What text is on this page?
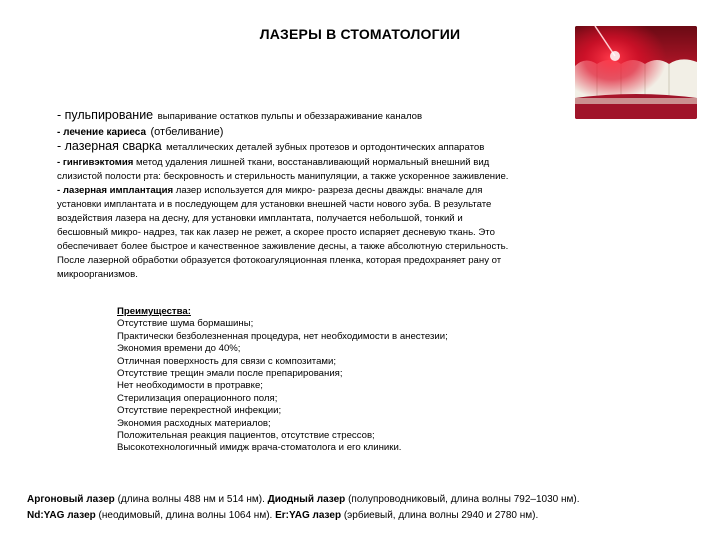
ЛАЗЕРЫ В СТОМАТОЛОГИИ
- пульпирование выпаривание остатков пульпы и обеззараживание каналов
- лечение кариеса (отбеливание)
- лазерная сварка металлических деталей зубных протезов и ортодонтических аппаратов
- гингивэктомия метод удаления лишней ткани, восстанавливающий нормальный внешний вид
слизистой полости рта: бескровность и стерильность манипуляции, а также ускоренное заживление.
- лазерная имплантация лазер используется для микро- разреза десны дважды: вначале для
установки имплантата и в последующем для установки внешней части нового зуба. В результате
воздействия лазера на десну, для установки имплантата, получается небольшой, тонкий и
бесшовный микро- надрез, так как лазер не режет, а скорее просто испаряет десневую ткань. Это
обеспечивает более быстрое и качественное заживление десны, а также абсолютную стерильность.
После лазерной обработки образуется фотокоагуляционная пленка, которая предохраняет рану от
микроорганизмов.
Преимущества:
Отсутствие шума бормашины;
Практически безболезненная процедура, нет необходимости в анестезии;
Экономия времени до 40%;
Отличная поверхность для связи с композитами;
Отсутствие трещин эмали после препарирования;
Нет необходимости в протравке;
Стерилизация операционного поля;
Отсутствие перекрестной инфекции;
Экономия расходных материалов;
Положительная реакция пациентов, отсутствие стрессов;
Высокотехнологичный имидж врача-стоматолога и его клиники.
Аргоновый лазер (длина волны 488 нм и 514 нм). Диодный лазер (полупроводниковый, длина волны 792–1030 нм).
Nd:YAG лазер (неодимовый, длина волны 1064 нм). Er:YAG лазер (эрбиевый, длина волны 2940 и 2780 нм).
